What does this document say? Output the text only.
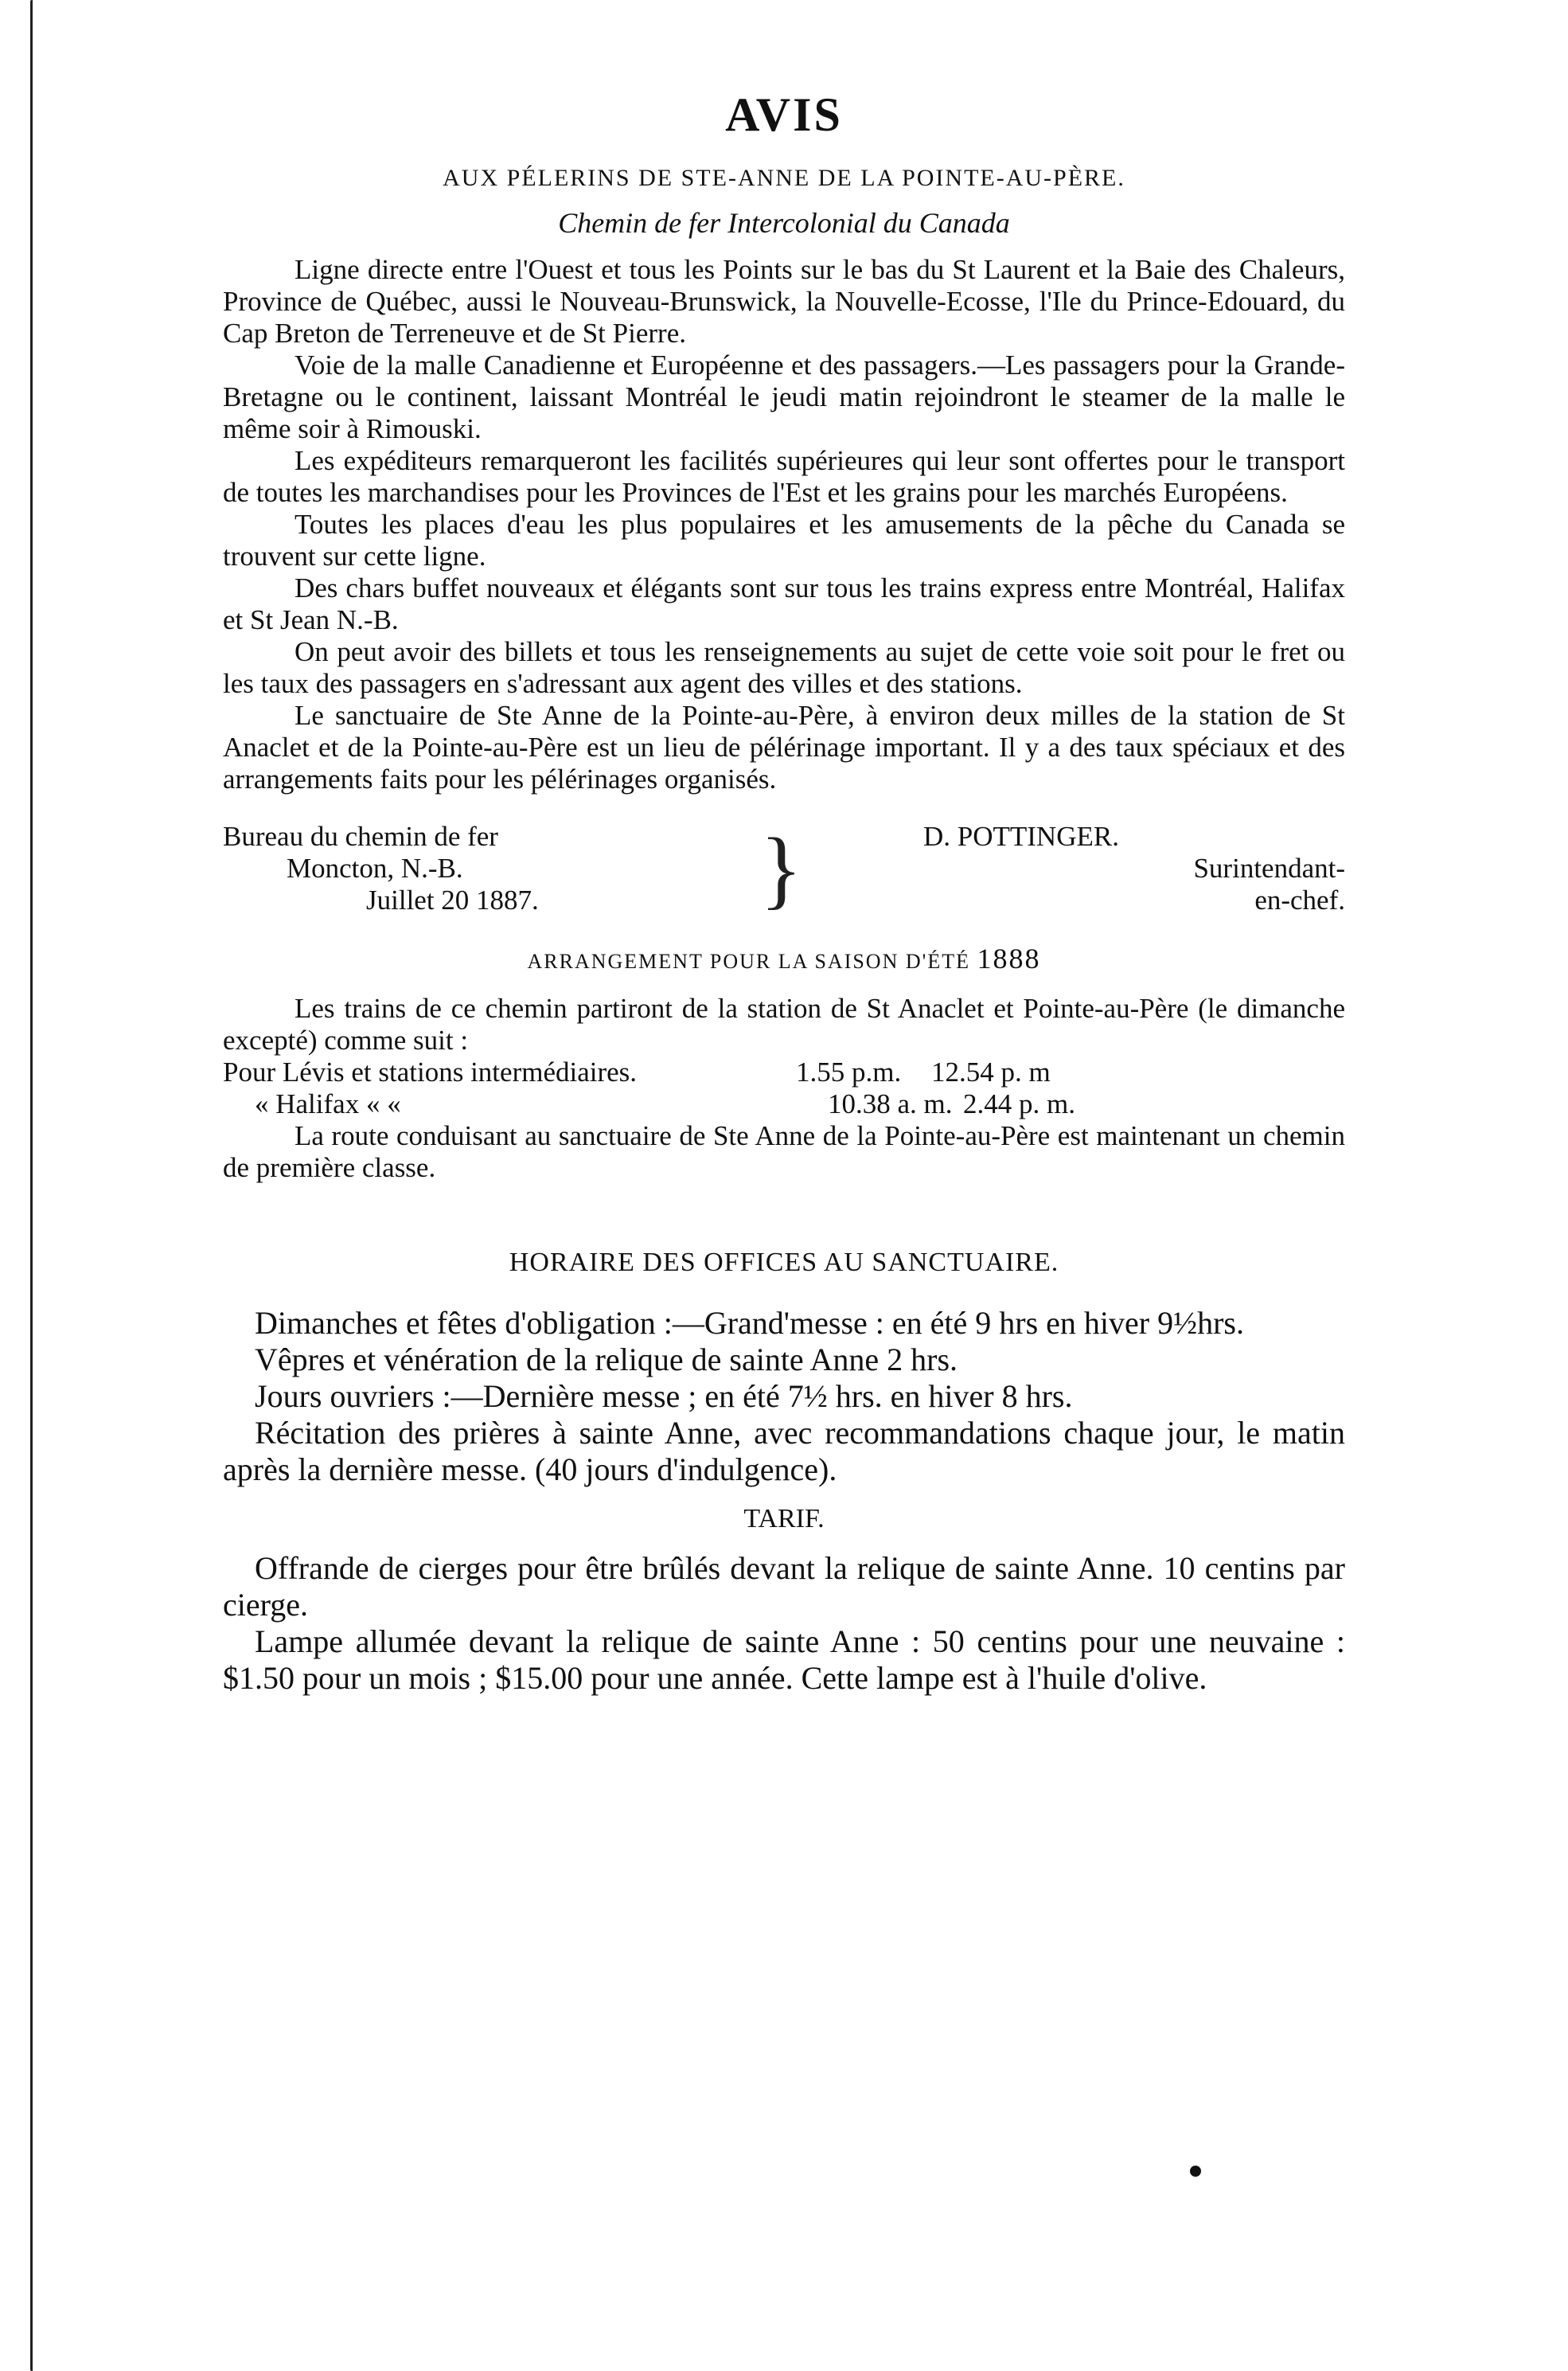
AVIS
AUX PÉLERINS DE STE-ANNE DE LA POINTE-AU-PÈRE.
Chemin de fer Intercolonial du Canada

Ligne directe entre l'Ouest et tous les Points sur le bas du St Laurent et la Baie des Chaleurs, Province de Québec, aussi le Nouveau-Brunswick, la Nouvelle-Ecosse, l'Ile du Prince-Edouard, du Cap Breton de Terreneuve et de St Pierre.

Voie de la malle Canadienne et Européenne et des passagers.—Les passagers pour la Grande-Bretagne ou le continent, laissant Montréal le jeudi matin rejoindront le steamer de la malle le même soir à Rimouski.

Les expéditeurs remarqueront les facilités supérieures qui leur sont offertes pour le transport de toutes les marchandises pour les Provinces de l'Est et les grains pour les marchés Européens.

Toutes les places d'eau les plus populaires et les amusements de la pêche du Canada se trouvent sur cette ligne.

Des chars buffet nouveaux et élégants sont sur tous les trains express entre Montréal, Halifax et St Jean N.-B.

On peut avoir des billets et tous les renseignements au sujet de cette voie soit pour le fret ou les taux des passagers en s'adressant aux agent des villes et des stations.

Le sanctuaire de Ste Anne de la Pointe-au-Père, à environ deux milles de la station de St Anaclet et de la Pointe-au-Père est un lieu de pélérinage important. Il y a des taux spéciaux et des arrangements faits pour les pélérinages organisés.

Bureau du chemin de fer
Moncton, N.-B.
Juillet 20 1887.	}	D. POTTINGER.
Surintendant-
en-chef.
ARRANGEMENT POUR LA SAISON D'ÉTÉ 1888

Les trains de ce chemin partiront de la station de St Anaclet et Pointe-au-Père (le dimanche excepté) comme suit :

Pour Lévis et stations intermédiaires.	1.55 p.m.	12.54 p. m
« Halifax « «	10.38 a. m. 2.44 p. m.

La route conduisant au sanctuaire de Ste Anne de la Pointe-au-Père est maintenant un chemin de première classe.

HORAIRE DES OFFICES AU SANCTUAIRE.

Dimanches et fêtes d'obligation :—Grand'messe : en été 9 hrs en hiver 9½hrs.

Vêpres et vénération de la relique de sainte Anne 2 hrs.

Jours ouvriers :—Dernière messe ; en été 7½ hrs. en hiver 8 hrs.

Récitation des prières à sainte Anne, avec recommandations chaque jour, le matin après la dernière messe. (40 jours d'indulgence).

TARIF.

Offrande de cierges pour être brûlés devant la relique de sainte Anne. 10 centins par cierge.

Lampe allumée devant la relique de sainte Anne : 50 centins pour une neuvaine : $1.50 pour un mois ; $15.00 pour une année. Cette lampe est à l'huile d'olive.
